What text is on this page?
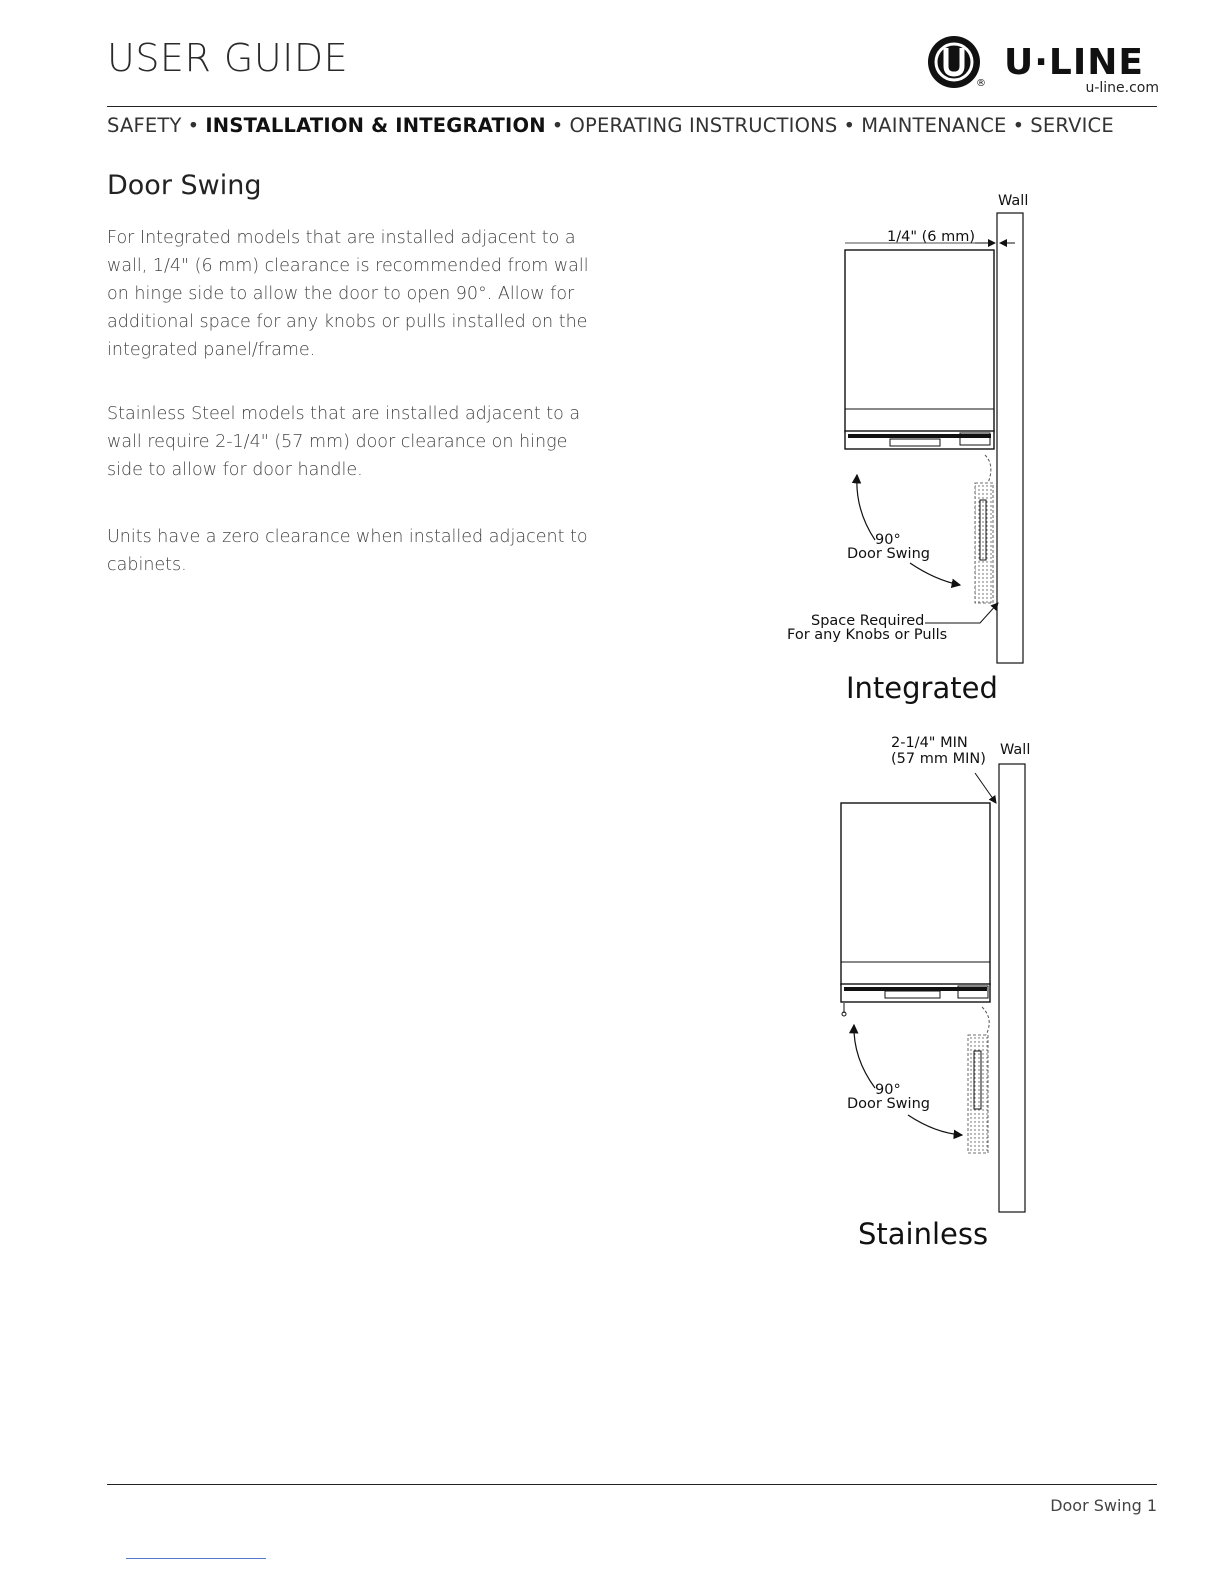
USER GUIDE
®
U·LINE
u-line.com
SAFETY • INSTALLATION & INTEGRATION • OPERATING INSTRUCTIONS • MAINTENANCE • SERVICE
Door Swing
For Integrated models that are installed adjacent to a wall, 1/4" (6 mm) clearance is recommended from wall on hinge side to allow the door to open 90°. Allow for additional space for any knobs or pulls installed on the integrated panel/frame.
Stainless Steel models that are installed adjacent to a wall require 2-1/4" (57 mm) door clearance on hinge side to allow for door handle.
Units have a zero clearance when installed adjacent to cabinets.
Wall
1/4" (6 mm)
90°
Door Swing
Space Required
For any Knobs or Pulls
Integrated
Wall
2-1/4" MIN
(57 mm MIN)
90°
Door Swing
Stainless
Door Swing 1
